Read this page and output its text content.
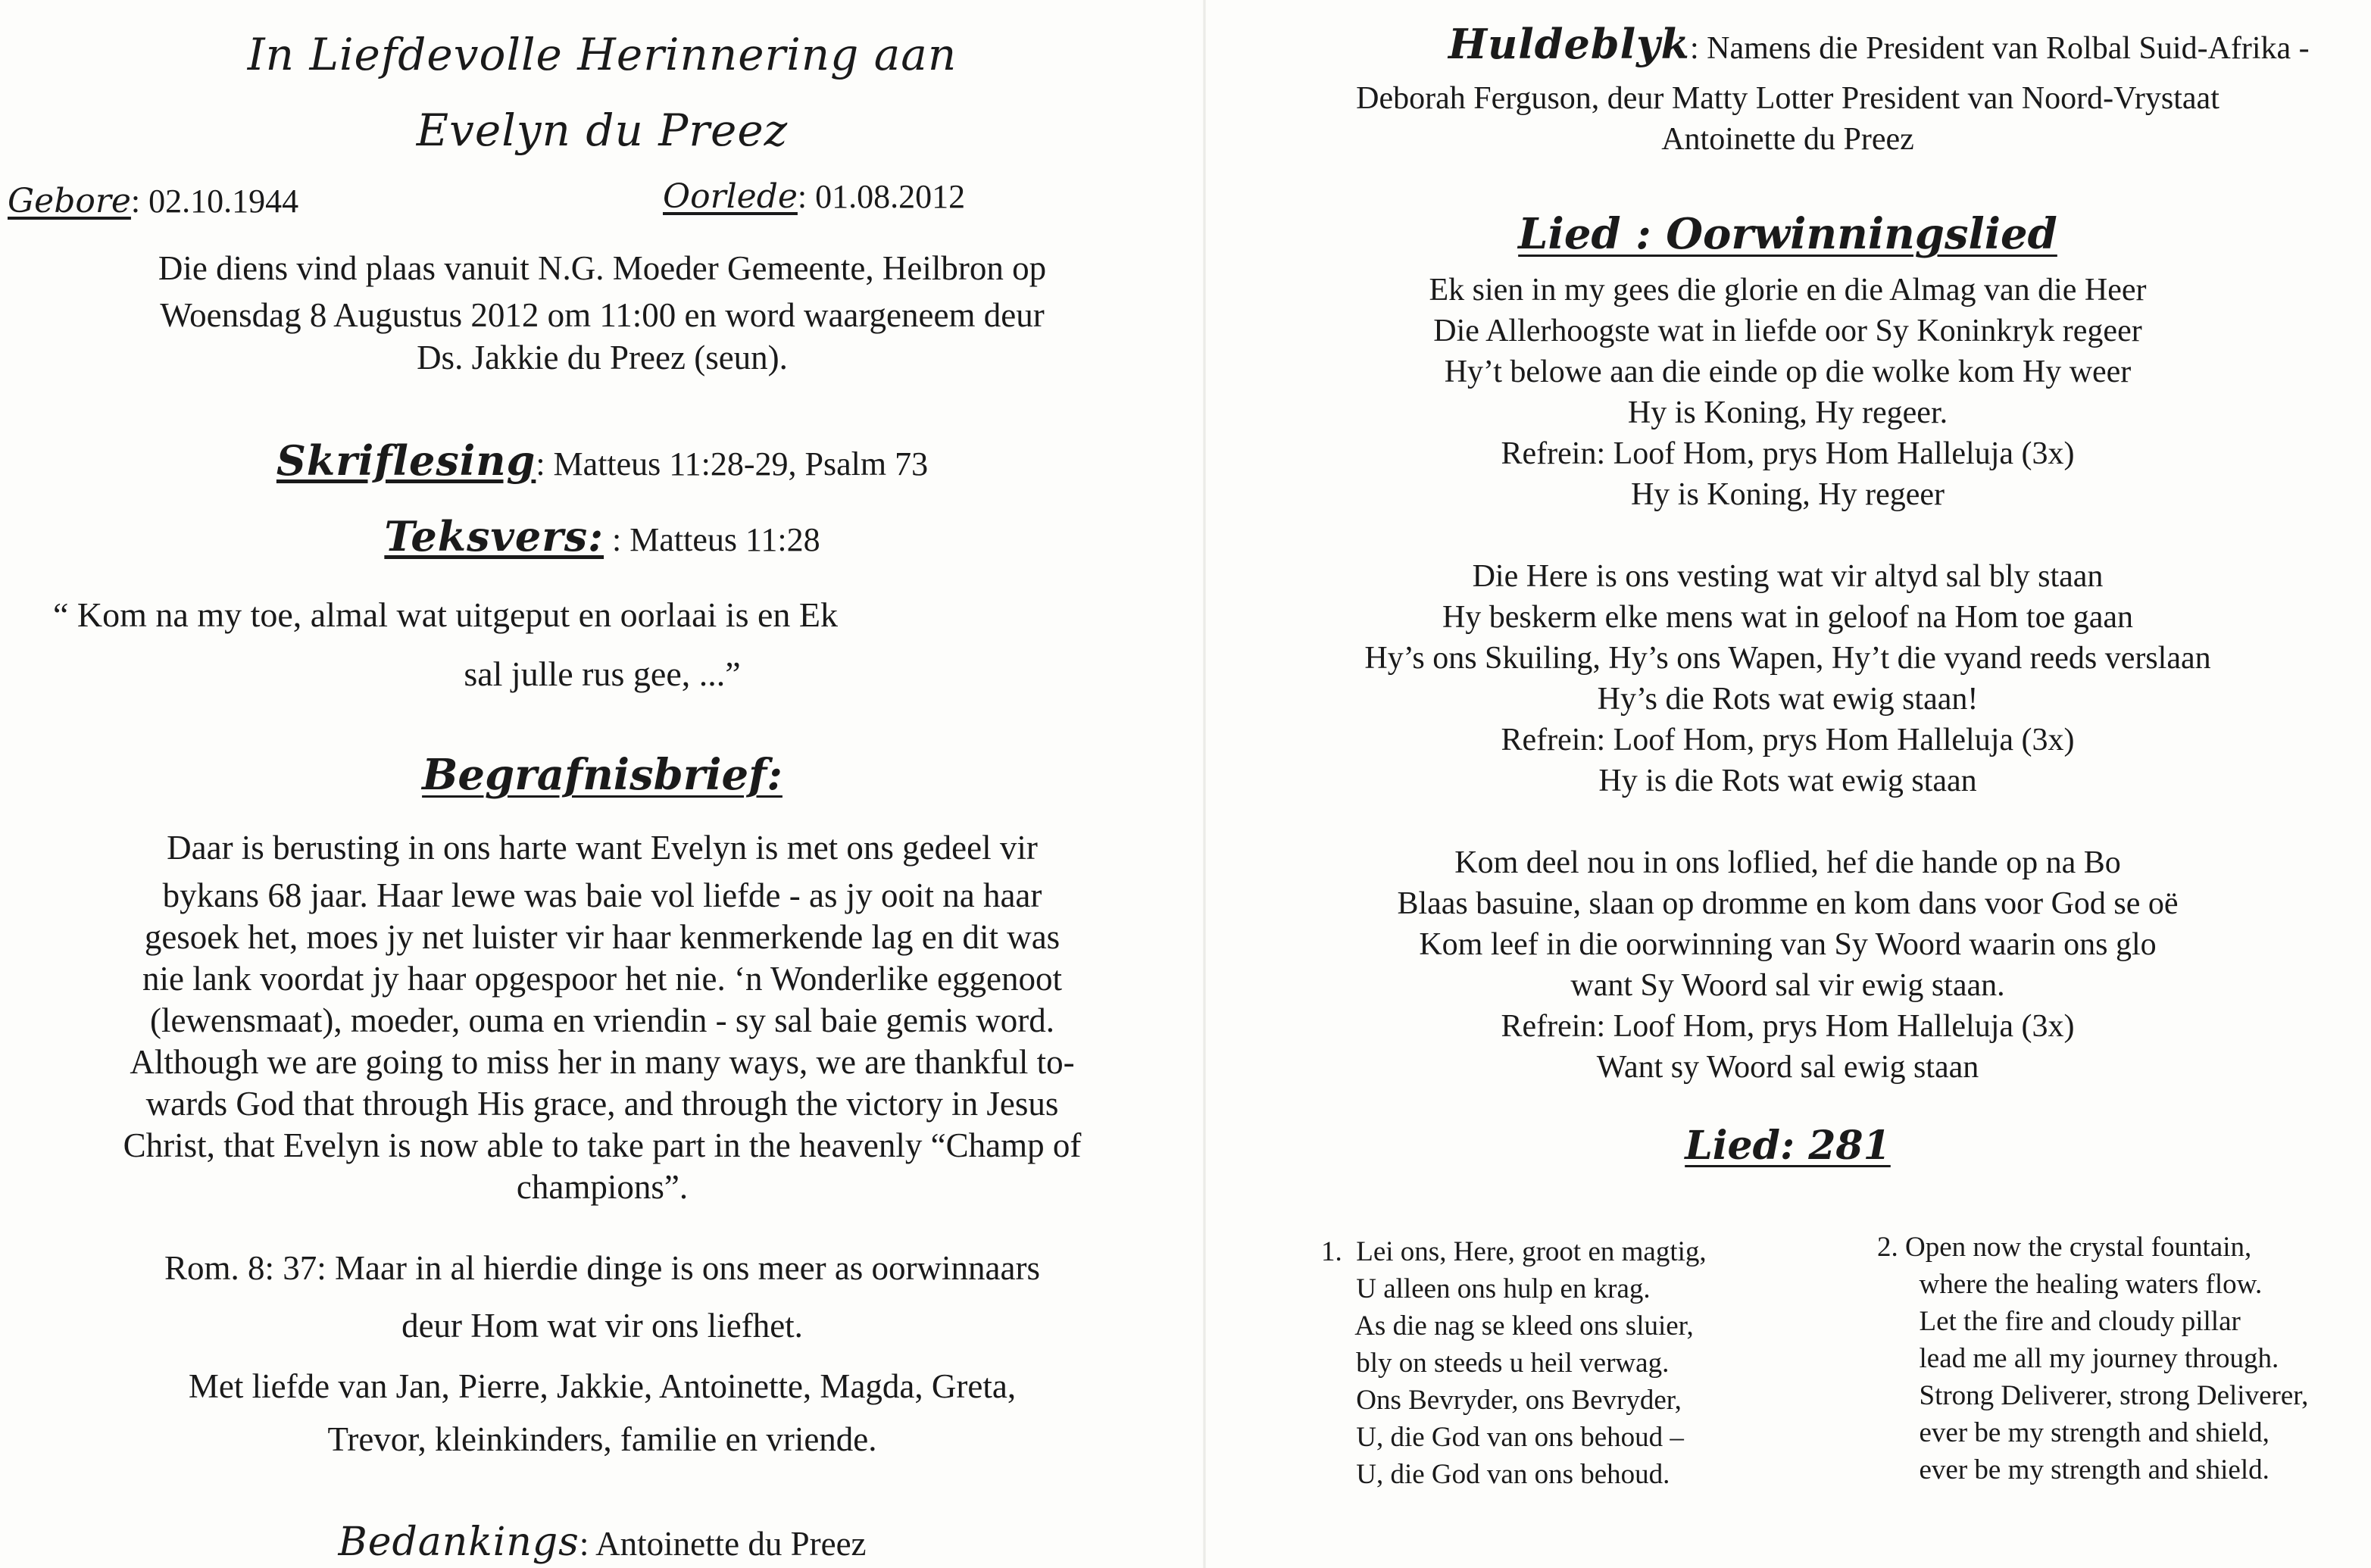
In Liefdevolle Herinnering aan
Evelyn du Preez
Gebore: 02.10.1944	Oorlede: 01.08.2012
Die diens vind plaas vanuit N.G. Moeder Gemeente, Heilbron op
Woensdag 8 Augustus 2012 om 11:00 en word waargeneem deur
Ds. Jakkie du Preez (seun).
Skriflesing: Matteus 11:28-29, Psalm 73
Teksvers: : Matteus 11:28
“ Kom na my toe, almal wat uitgeput en oorlaai is en Ek
sal julle rus gee, ...”
Begrafnisbrief:
Daar is berusting in ons harte want Evelyn is met ons gedeel vir
bykans 68 jaar. Haar lewe was baie vol liefde - as jy ooit na haar
gesoek het, moes jy net luister vir haar kenmerkende lag en dit was
nie lank voordat jy haar opgespoor het nie. ‘n Wonderlike eggenoot
(lewensmaat), moeder, ouma en vriendin - sy sal baie gemis word.
Although we are going to miss her in many ways, we are thankful to-
wards God that through His grace, and through the victory in Jesus
Christ, that Evelyn is now able to take part in the heavenly “Champ of
champions”.
Rom. 8: 37: Maar in al hierdie dinge is ons meer as oorwinnaars
deur Hom wat vir ons liefhet.
Met liefde van Jan, Pierre, Jakkie, Antoinette, Magda, Greta,
Trevor, kleinkinders, familie en vriende.
Bedankings: Antoinette du Preez
Huldeblyk: Namens die President van Rolbal Suid-Afrika -
Deborah Ferguson, deur Matty Lotter President van Noord-Vrystaat
Antoinette du Preez
Lied : Oorwinningslied
Ek sien in my gees die glorie en die Almag van die Heer
Die Allerhoogste wat in liefde oor Sy Koninkryk regeer
Hy’t belowe aan die einde op die wolke kom Hy weer
Hy is Koning, Hy regeer.
Refrein: Loof Hom, prys Hom Halleluja (3x)
Hy is Koning, Hy regeer
Die Here is ons vesting wat vir altyd sal bly staan
Hy beskerm elke mens wat in geloof na Hom toe gaan
Hy’s ons Skuiling, Hy’s ons Wapen, Hy’t die vyand reeds verslaan
Hy’s die Rots wat ewig staan!
Refrein: Loof Hom, prys Hom Halleluja (3x)
Hy is die Rots wat ewig staan
Kom deel nou in ons loflied, hef die hande op na Bo
Blaas basuine, slaan op dromme en kom dans voor God se oë
Kom leef in die oorwinning van Sy Woord waarin ons glo
want Sy Woord sal vir ewig staan.
Refrein: Loof Hom, prys Hom Halleluja (3x)
Want sy Woord sal ewig staan
Lied: 281
1.  Lei ons, Here, groot en magtig,
U alleen ons hulp en krag.
As die nag se kleed ons sluier,
bly on steeds u heil verwag.
Ons Bevryder, ons Bevryder,
U, die God van ons behoud –
U, die God van ons behoud.
2. Open now the crystal fountain,
where the healing waters flow.
Let the fire and cloudy pillar
lead me all my journey through.
Strong Deliverer, strong Deliverer,
ever be my strength and shield,
ever be my strength and shield.
